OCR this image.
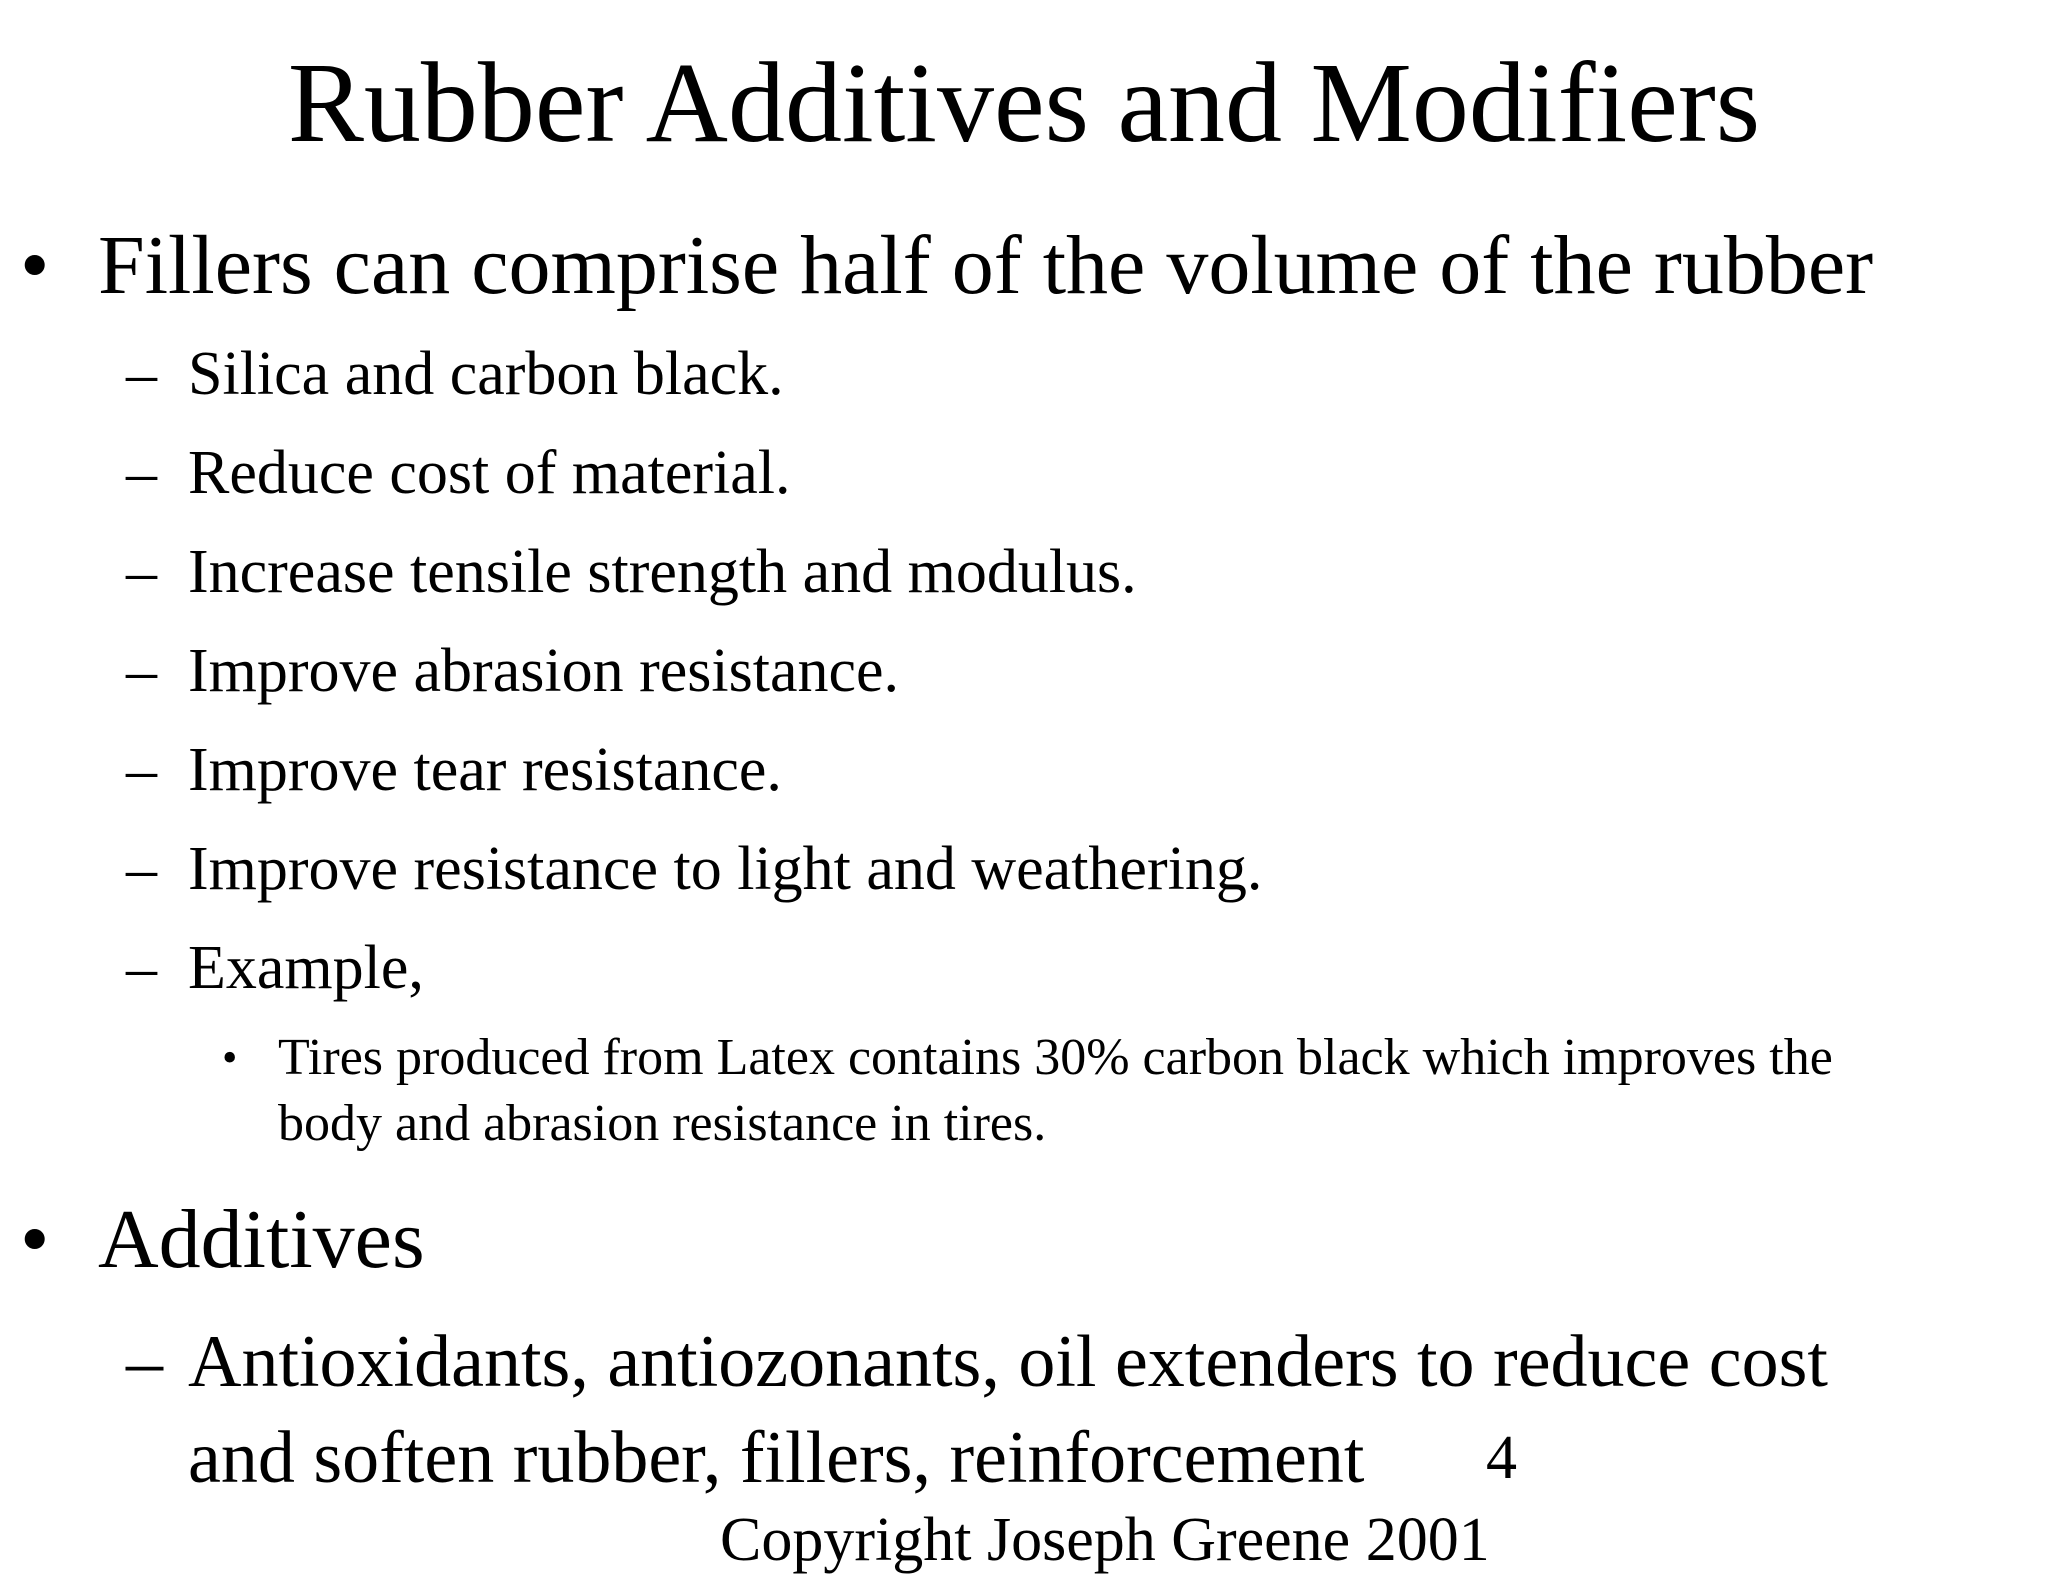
Rubber Additives and Modifiers
• Fillers can comprise half of the volume of the rubber
– Silica and carbon black.
– Reduce cost of material.
– Increase tensile strength and modulus.
– Improve abrasion resistance.
– Improve tear resistance.
– Improve resistance to light and weathering.
– Example,
• Tires produced from Latex contains 30% carbon black which improves the
body and abrasion resistance in tires.
• Additives
– Antioxidants, antiozonants, oil extenders to reduce cost
and soften rubber, fillers, reinforcement 4
Copyright Joseph Greene 2001
